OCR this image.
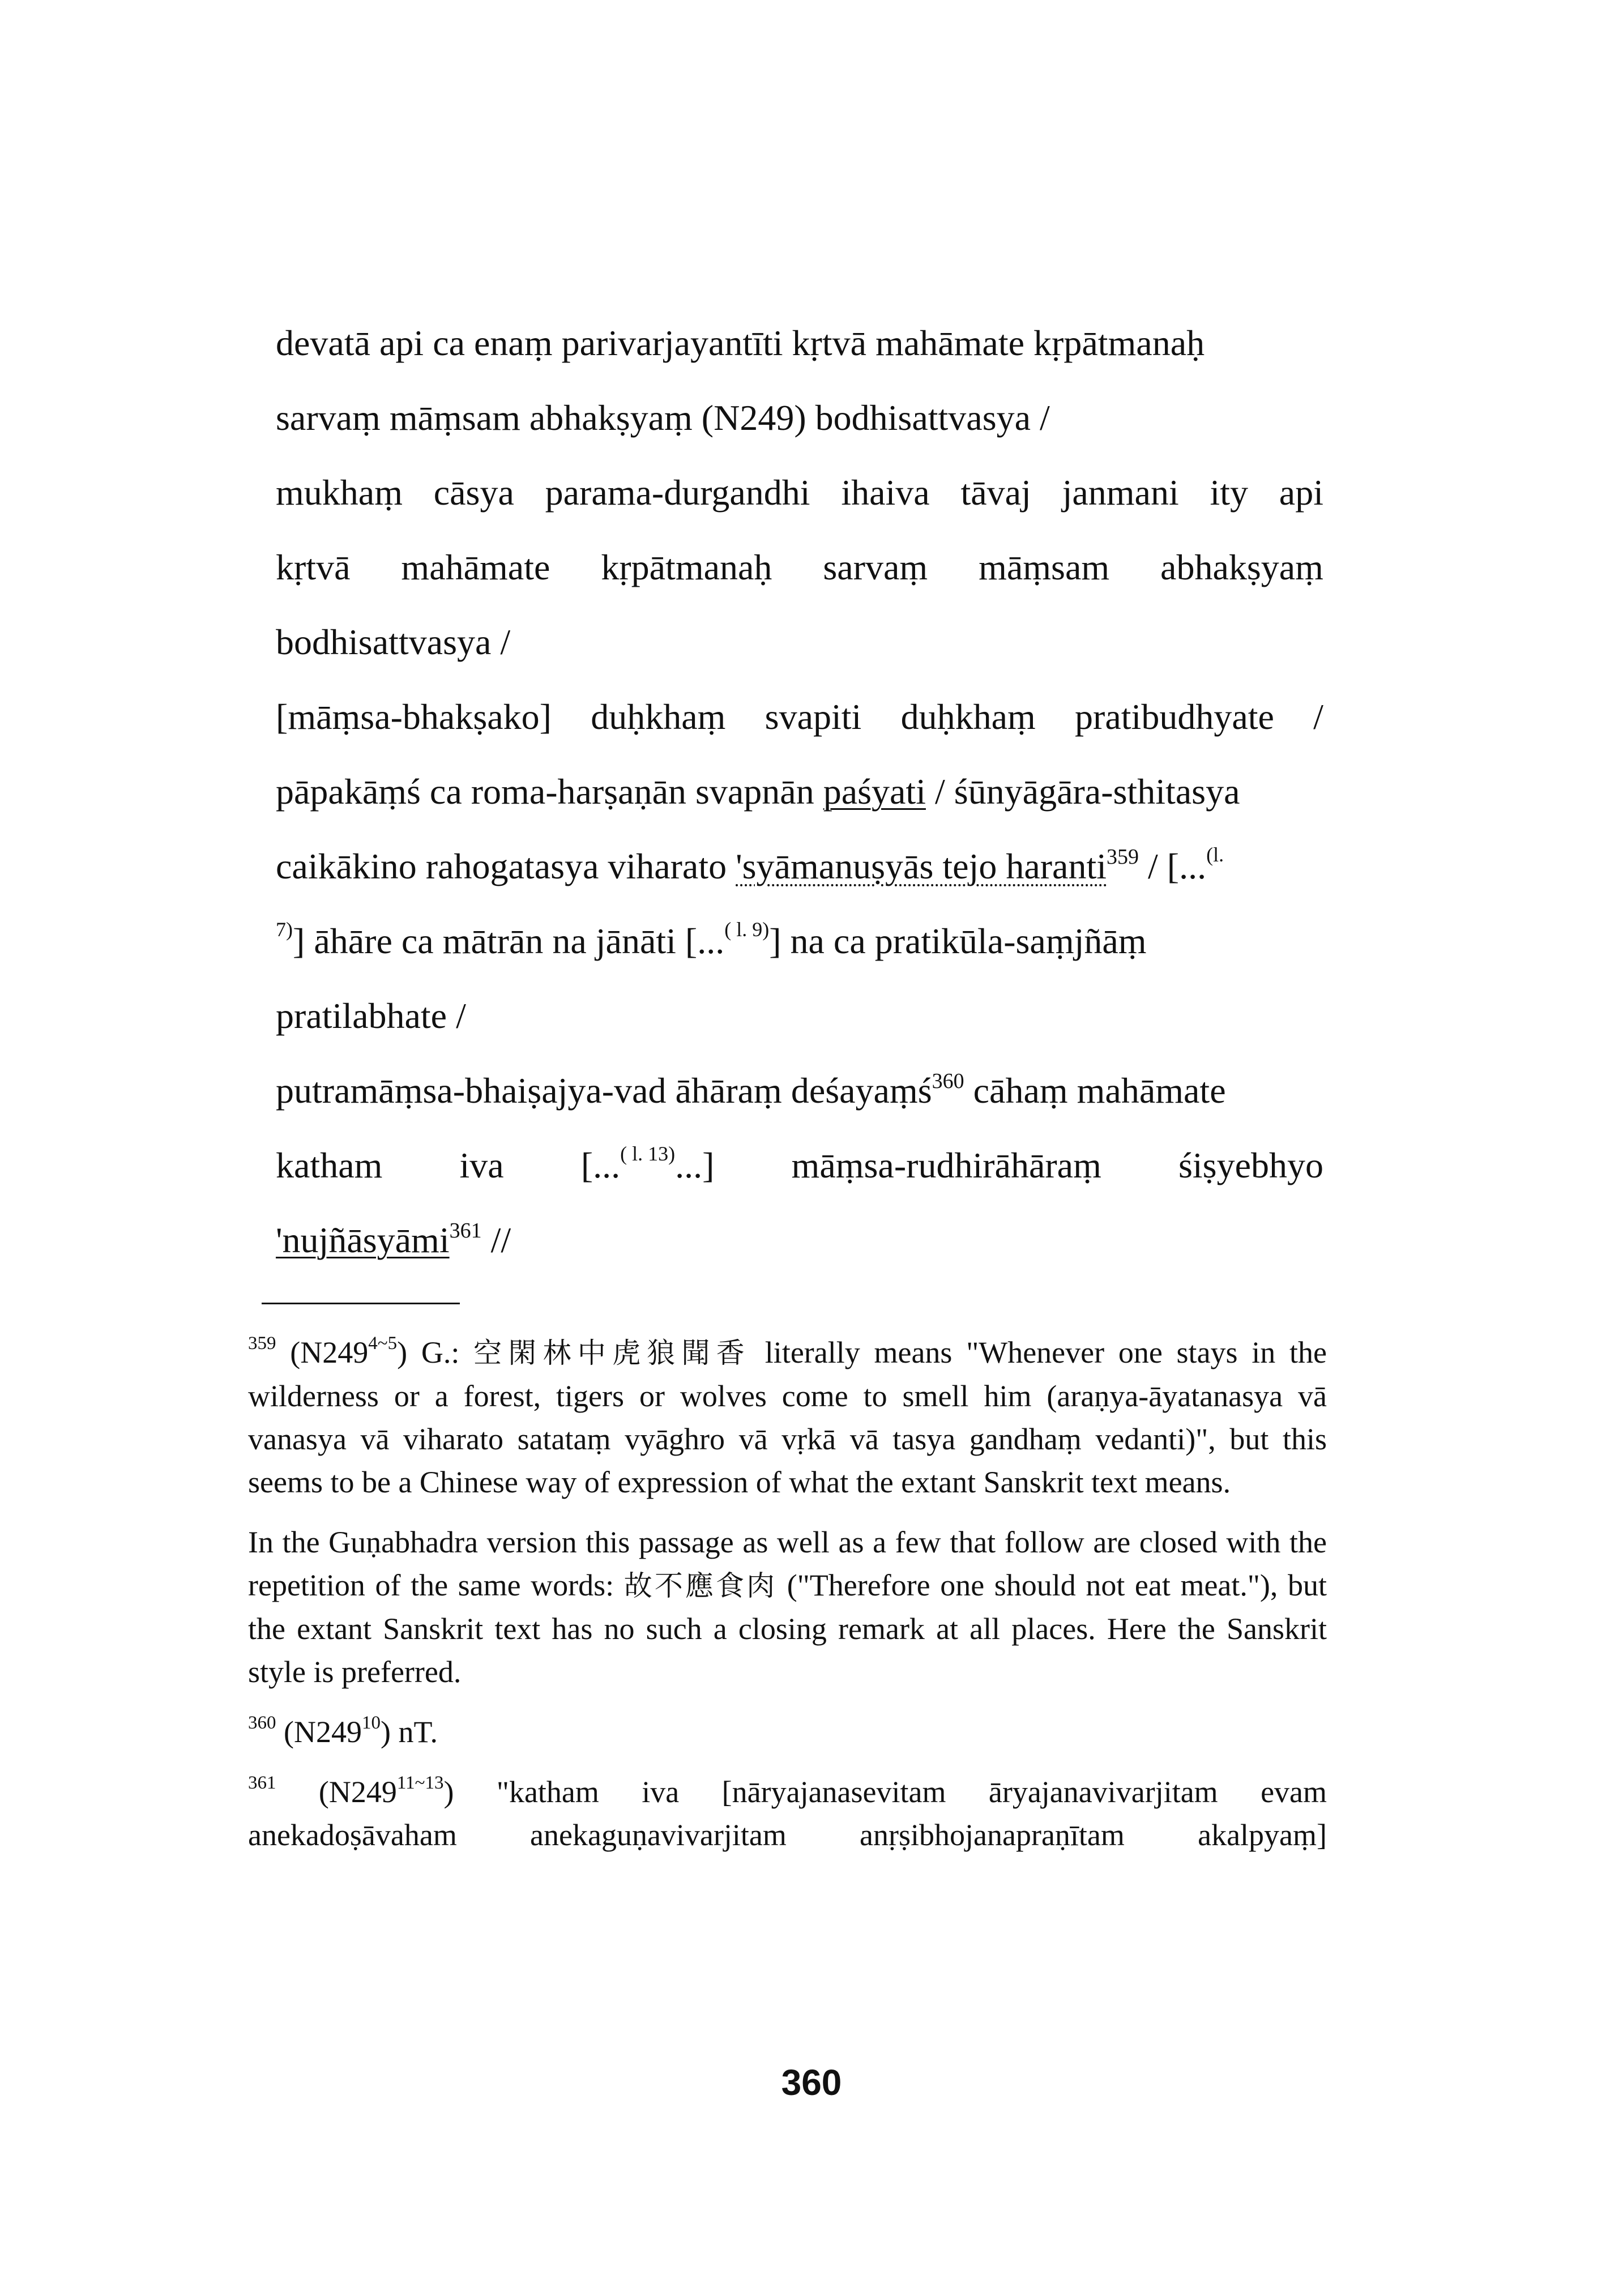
devatā api ca enaṃ parivarjayantīti kṛtvā mahāmate kṛpātmanaḥ
sarvaṃ māṃsam abhakṣyaṃ (N249) bodhisattvasya /
mukhaṃ cāsya parama-durgandhi ihaiva tāvaj janmani ity api
kṛtvā mahāmate kṛpātmanaḥ sarvaṃ māṃsam abhakṣyaṃ
bodhisattvasya /
[māṃsa-bhakṣako] duḥkhaṃ svapiti duḥkhaṃ pratibudhyate /
pāpakāṃś ca roma-harṣaṇān svapnān paśyati / śūnyāgāra-sthitasya
caikākino rahogatasya viharato 'syāmanuṣyās tejo haranti$^{359}$ / [...$^{(l.}$
$^{7)}$] āhāre ca mātrān na jānāti [...$^{( l. 9)}$] na ca pratikūla-saṃjñāṃ
pratilabhate /
putramāṃsa-bhaiṣajya-vad āhāraṃ deśayaṃś$^{360}$ cāhaṃ mahāmate
katham iva [...$^{( l. 13)}$...] māṃsa-rudhirāhāraṃ śiṣyebhyo
'nujñāsyāmi$^{361}$ //

$^{359}$ $(N249^{4\sim 5})$ G.: 空閑林中虎狼聞香 literally means "Whenever one stays in the wilderness or a forest, tigers or wolves come to smell him (araṇya-āyatanasya vā vanasya vā viharato satataṃ vyāghro vā vṛkā vā tasya gandhaṃ vedanti)", but this seems to be a Chinese way of expression of what the extant Sanskrit text means.

In the Guṇabhadra version this passage as well as a few that follow are closed with the repetition of the same words: 故不應食肉 ("Therefore one should not eat meat."), but the extant Sanskrit text has no such a closing remark at all places. Here the Sanskrit style is preferred.

$^{360}$ $(N249^{10})$ nT.

$^{361}$ $(N249^{11\sim 13})$ "katham iva [nāryajanasevitam āryajanavivarjitam evam anekadoṣāvaham anekaguṇavivarjitam anṛṣibhojanapraṇītam akalpyaṃ]

360
